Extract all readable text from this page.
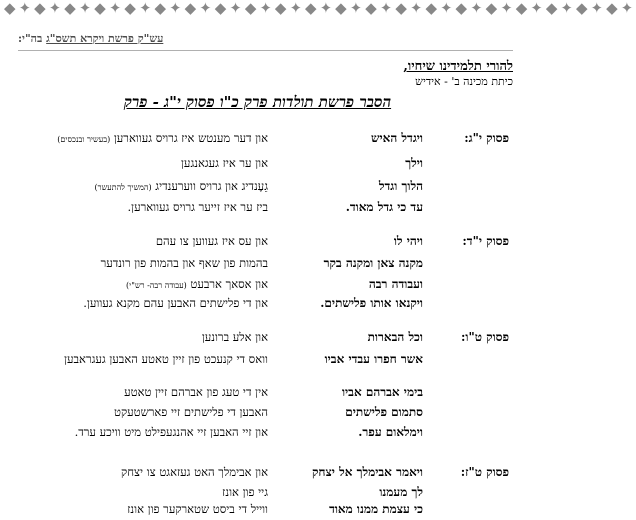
◆✦◆✦◆✦◆✦◆✦◆✦◆✦◆✦◆✦◆✦◆✦◆✦◆✦◆✦◆✦◆✦◆✦◆✦◆✦◆✦◆✦
בה"י: עש"ק פרשת ויקרא תשס"ג
להורי תלמידינו שיחיו,
כיתת מכינה ב' - אידיש
הסבר פרשת תולדות פרק כ"ו פסוק י"ג - פרק
פסוק י"ג:
ויגדל האיש
און דער מענטש איז גרויס געווארען (בעשיר ובנכסים)
וילך
און ער איז געגאנגען
הלוך וגדל
גֵעֶנדיג און גרויס ווערענדיג (המשיך להתעשר)
עד כי גדל מאוד.
ביז ער איז זייער גרויס געווארען.
פסוק י"ד:
ויהי לו
און עס איז געווען צו עהם
מקנה צאן ומקנה בקר
בהמות פון שאף און בהמות פון רונדער
ועבודה רבה
און אסאך ארבעט (עבודה רבה- רש"י)
ויקנאו אותו פלישתים.
און די פלישתים האבען עהם מקנא געווען.
פסוק ט"ו:
וכל הבארות
און אלע ברונען
אשר חפרו עבדי אביו
וואס די קנעכט פון זיין טאטע האבען געגראבען
בימי אברהם אביו
אין די טעג פון אברהם זיין טאטע
סתמום פלישתים
האבען די פלישתים זיי פארשטעקט
וימלאום עפר.
און זיי האבען זיי אהנגעפילט מיט וויכע ערד.
פסוק ט"ז:
ויאמר אבימלך אל יצחק
און אבימלך האט געזאגט צו יצחק
לך מעמנו
גיי פון אונז
כי עצמת ממנו מאוד
ווייל די ביסט שטארקער פון אונז
